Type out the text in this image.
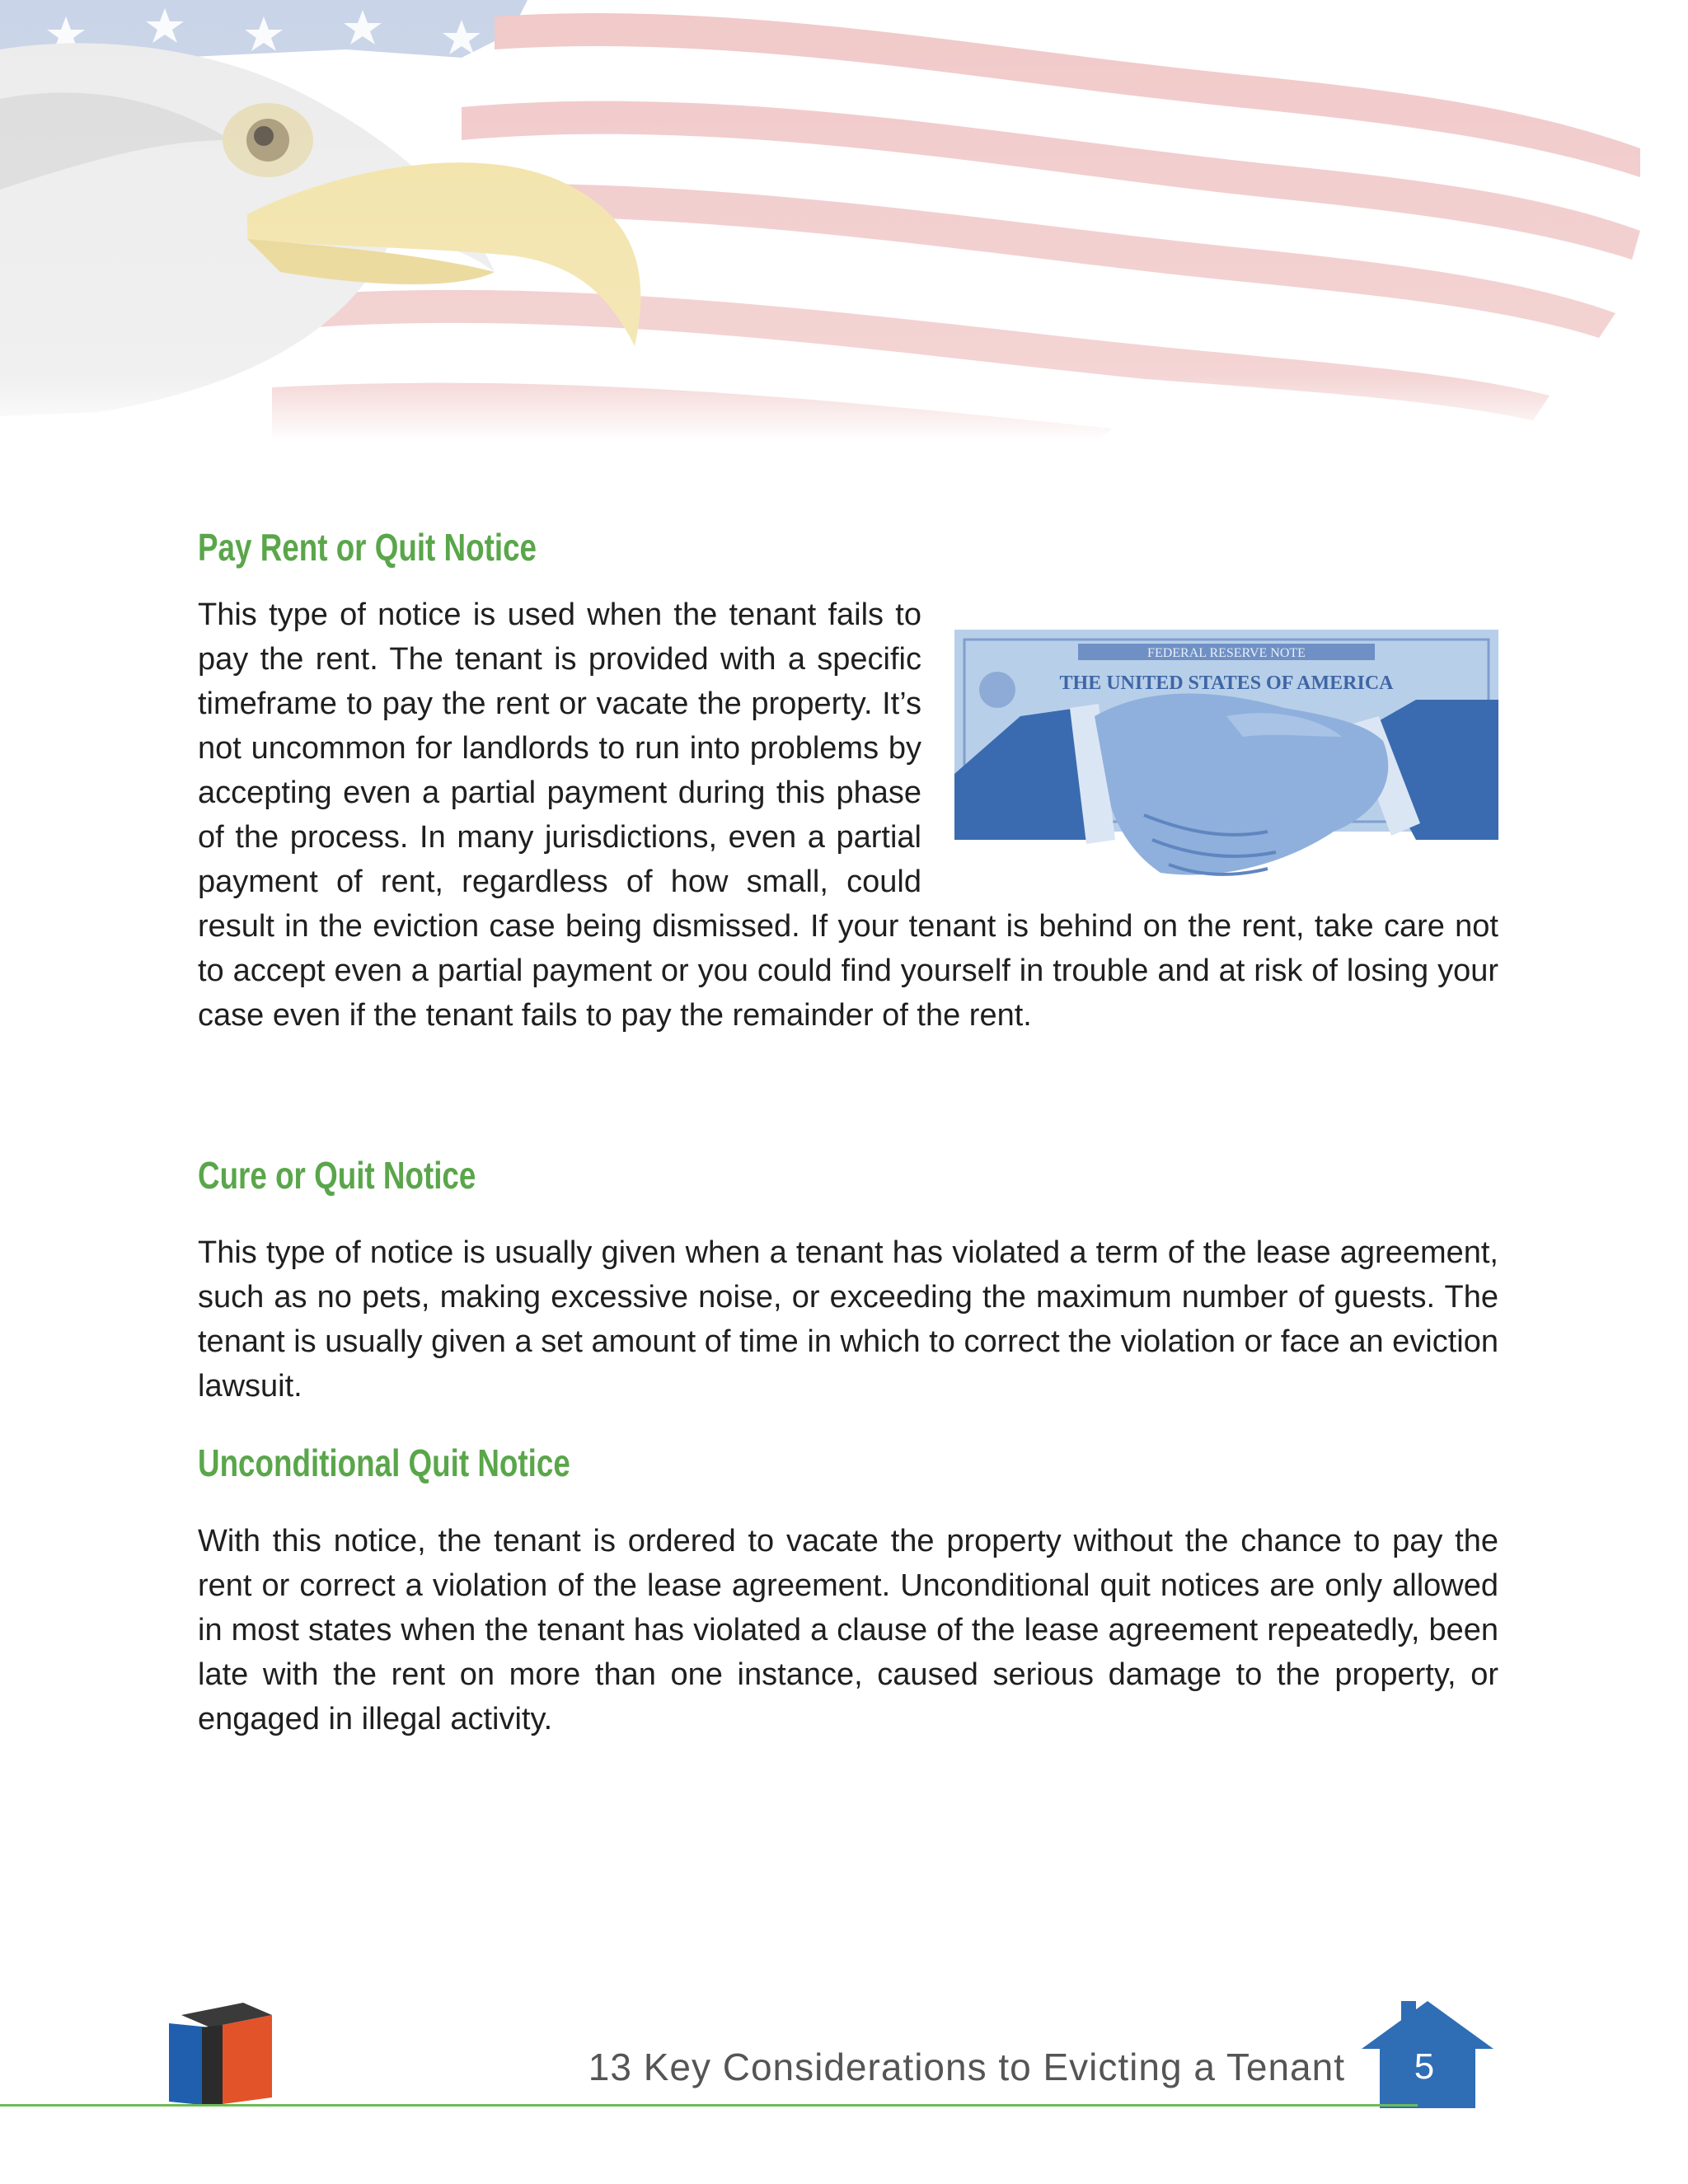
Pay Rent or Quit Notice
FEDERAL RESERVE NOTE
THE UNITED STATES OF AMERICA
This type of notice is used when the tenant fails to pay the rent. The tenant is provided with a specific timeframe to pay the rent or vacate the property. It’s not uncommon for landlords to run into problems by accepting even a partial payment during this phase of the process. In many jurisdictions, even a partial payment of rent, regardless of how small, could result in the eviction case being dismissed. If your tenant is behind on the rent, take care not to accept even a partial payment or you could find yourself in trouble and at risk of losing your case even if the tenant fails to pay the remainder of the rent.
Cure or Quit Notice

This type of notice is usually given when a tenant has violated a term of the lease agreement, such as no pets, making excessive noise, or exceeding the maximum number of guests. The tenant is usually given a set amount of time in which to correct the violation or face an eviction lawsuit.

Unconditional Quit Notice

With this notice, the tenant is ordered to vacate the property without the chance to pay the rent or correct a violation of the lease agreement. Unconditional quit notices are only allowed in most states when the tenant has violated a clause of the lease agreement repeatedly, been late with the rent on more than one instance, caused serious damage to the property, or engaged in illegal activity.

13 Key Considerations to Evicting a Tenant	5
